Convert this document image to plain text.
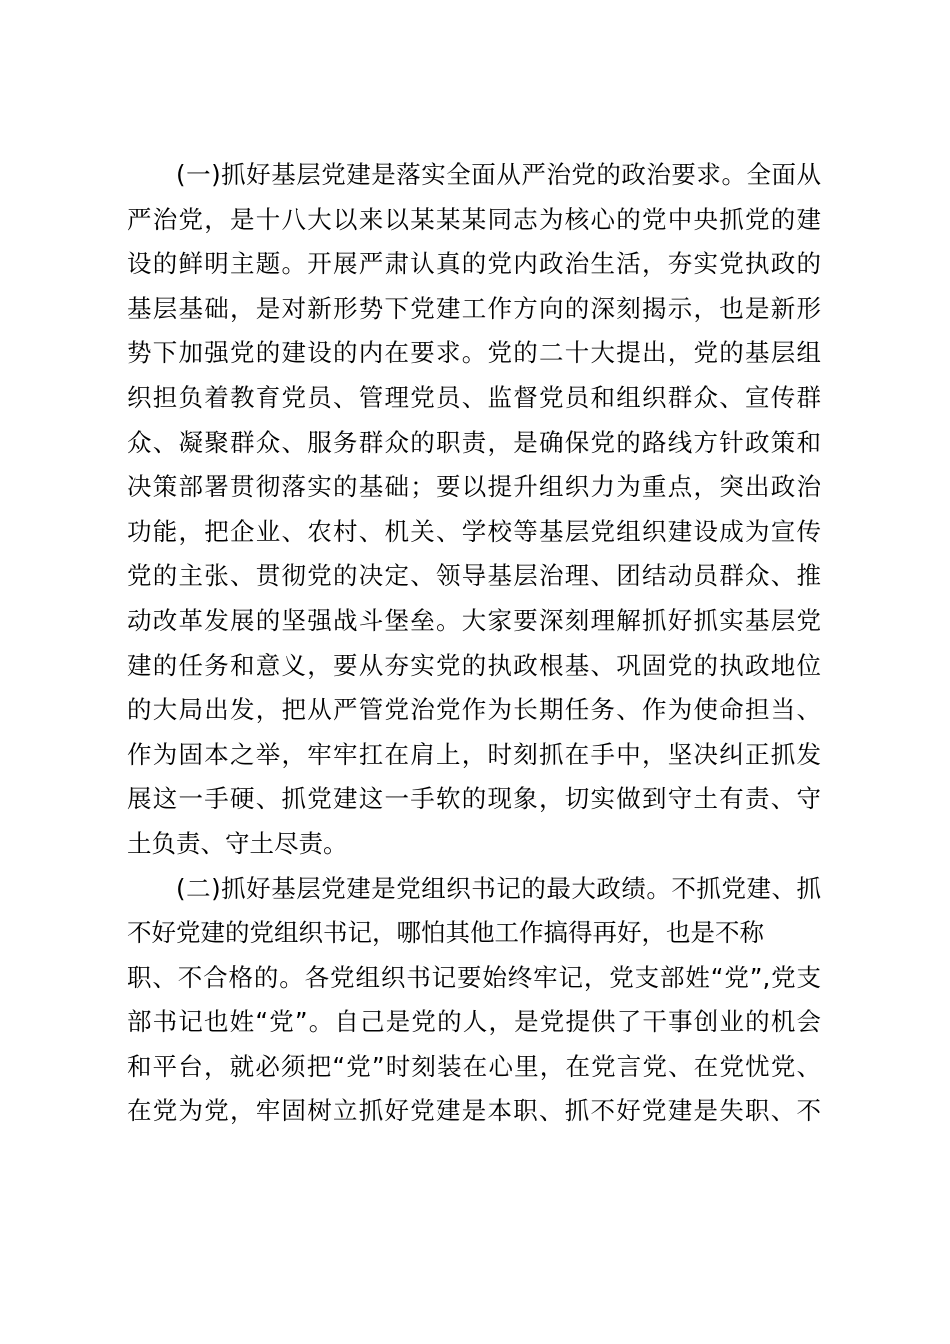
(一)抓好基层党建是落实全面从严治党的政治要求。全面从
严治党，是十八大以来以某某某同志为核心的党中央抓党的建
设的鲜明主题。开展严肃认真的党内政治生活，夯实党执政的
基层基础，是对新形势下党建工作方向的深刻揭示，也是新形
势下加强党的建设的内在要求。党的二十大提出，党的基层组
织担负着教育党员、管理党员、监督党员和组织群众、宣传群
众、凝聚群众、服务群众的职责，是确保党的路线方针政策和
决策部署贯彻落实的基础；要以提升组织力为重点，突出政治
功能，把企业、农村、机关、学校等基层党组织建设成为宣传
党的主张、贯彻党的决定、领导基层治理、团结动员群众、推
动改革发展的坚强战斗堡垒。大家要深刻理解抓好抓实基层党
建的任务和意义，要从夯实党的执政根基、巩固党的执政地位
的大局出发，把从严管党治党作为长期任务、作为使命担当、
作为固本之举，牢牢扛在肩上，时刻抓在手中，坚决纠正抓发
展这一手硬、抓党建这一手软的现象，切实做到守土有责、守
土负责、守土尽责。
(二)抓好基层党建是党组织书记的最大政绩。不抓党建、抓
不好党建的党组织书记，哪怕其他工作搞得再好，也是不称
职、不合格的。各党组织书记要始终牢记，党支部姓“党”,党支
部书记也姓“党”。自己是党的人，是党提供了干事创业的机会
和平台，就必须把“党”时刻装在心里，在党言党、在党忧党、
在党为党，牢固树立抓好党建是本职、抓不好党建是失职、不
